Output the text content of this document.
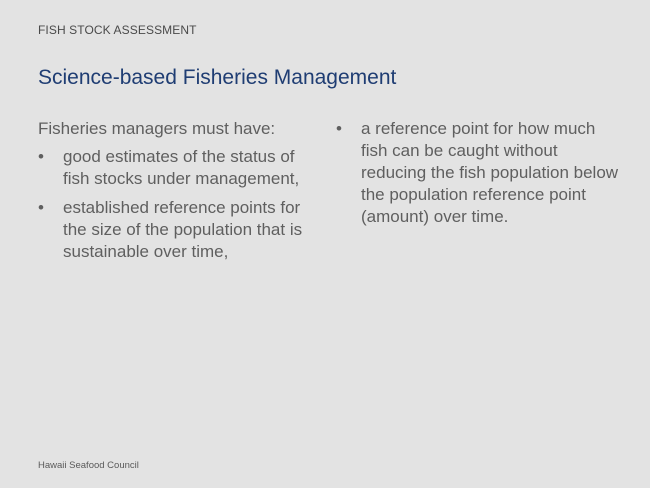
FISH STOCK ASSESSMENT
Science-based Fisheries Management

Fisheries managers must have:

•	good estimates of the status of fish stocks under management,
•	established reference points for the size of the population that is sustainable over time,
•	a reference point for how much fish can be caught without reducing the fish population below the population reference point (amount) over time.
Hawaii Seafood Council
